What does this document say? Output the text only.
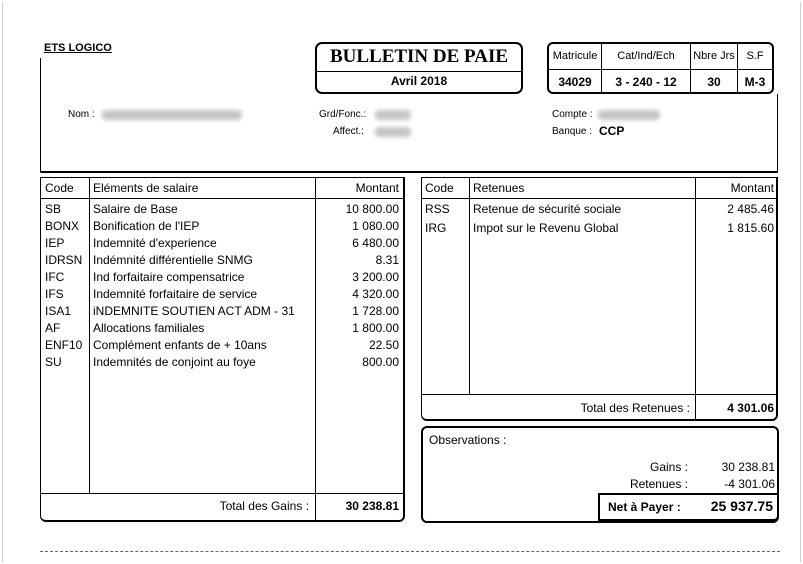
ETS LOGICO	BULLETIN DE PAIE
Avril 2018
Matricule	Cat/Ind/Ech	Nbre Jrs	S.F
34029	3 - 240 - 12	30	M-3
Nom :	Grd/Fonc.:
Affect.:
Compte :
Banque : CCP
Code Eléments de salaire	Montant
SB	Salaire de Base	10 800.00
BONX Bonification de l'IEP	1 080.00
IEP Indemnité d'experience	6 480.00
IDRSN Indémnité différentielle SNMG	8.31
IFC Ind forfaitaire compensatrice	3 200.00
IFS Indemnité forfaitaire de service	4 320.00
ISA1 iNDEMNITE SOUTIEN ACT ADM - 31	1 728.00
AF	Allocations familiales	1 800.00
ENF10 Complément enfants de + 10ans	22.50
SU	Indemnités de conjoint au foye	800.00
Total des Gains :	30 238.81
Code Retenues	Montant
RSS Retenue de sécurité sociale	2 485.46
IRG Impot sur le Revenu Global	1 815.60
Total des Retenues :	4 301.06
Observations :
Gains :	30 238.81
Retenues :	-4 301.06
Net à Payer :	25 937.75
